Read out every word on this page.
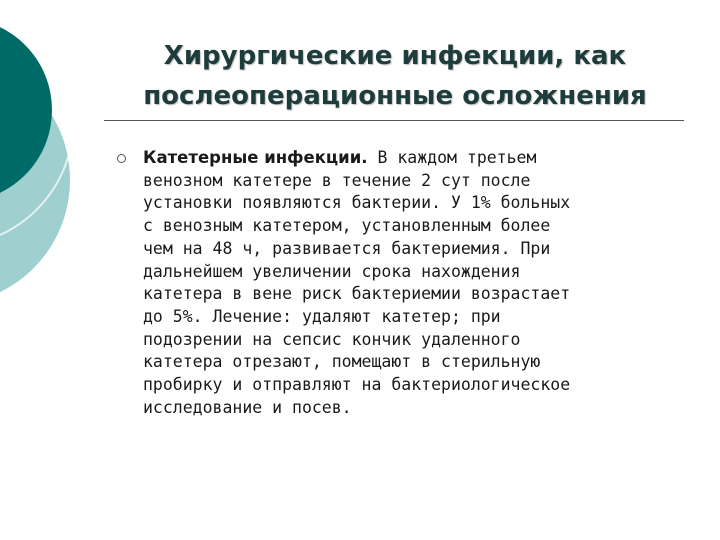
Хирургические инфекции, как
послеоперационные осложнения
Катетерные инфекции. В каждом третьем
венозном катетере в течение 2 сут после
установки появляются бактерии. У 1% больных
с венозным катетером, установленным более
чем на 48 ч, развивается бактериемия. При
дальнейшем увеличении срока нахождения
катетера в вене риск бактериемии возрастает
до 5%. Лечение: удаляют катетер; при
подозрении на сепсис кончик удаленного
катетера отрезают, помещают в стерильную
пробирку и отправляют на бактериологическое
исследование и посев.
